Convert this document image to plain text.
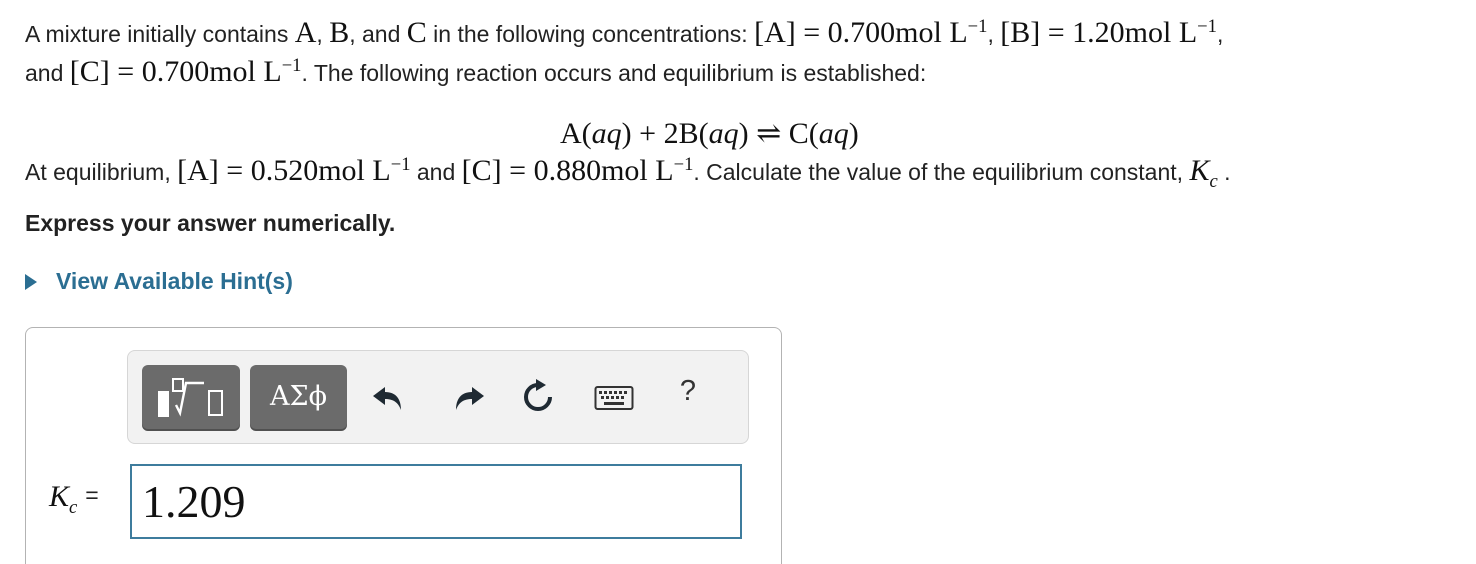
A mixture initially contains A, B, and C in the following concentrations: [A] = 0.700mol $L^{-1}$, [B] = 1.20mol $L^{-1}$,
and [C] = 0.700mol $L^{-1}$. The following reaction occurs and equilibrium is established:
A(aq) + 2B(aq) ⇌ C(aq)
At equilibrium, [A] = 0.520mol $L^{-1}$ and [C] = 0.880mol $L^{-1}$. Calculate the value of the equilibrium constant, $K_c$ .
Express your answer numerically.
View Available Hint(s)
ΑΣϕ	?
$K_c = 1.209$
